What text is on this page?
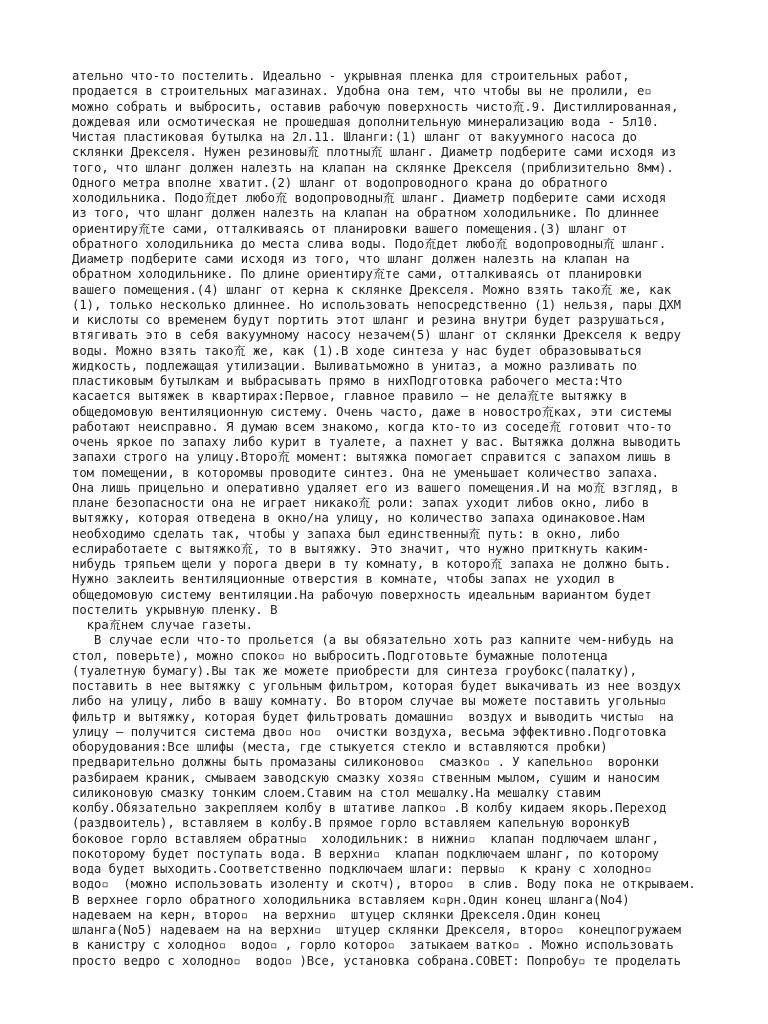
ательно что-то постелить. Идеально - укрывная пленка для строительных работ,
продается в строительных магазинах. Удобна она тем, что чтобы вы не пролили, е▫
можно собрать и выбросить, оставив рабочую поверхность чисто㐬.9. Дистиллированная,
дождевая или осмотическая не прошедшая дополнительную минерализацию вода - 5л10.
Чистая пластиковая бутылка на 2л.11. Шланги:(1) шланг от вакуумного насоса до
склянки Дрекселя. Нужен резиновы㐬 плотны㐬 шланг. Диаметр подберите сами исходя из
того, что шланг должен налезть на клапан на склянке Дрекселя (приблизительно 8мм).
Одного метра вполне хватит.(2) шланг от водопроводного крана до обратного
холодильника. Подо㐬дет любо㐬 водопроводны㐬 шланг. Диаметр подберите сами исходя
из того, что шланг должен налезть на клапан на обратном холодильнике. По длиннее
ориентиру㐬те сами, отталкиваясь от планировки вашего помещения.(3) шланг от
обратного холодильника до места слива воды. Подо㐬дет любо㐬 водопроводны㐬 шланг.
Диаметр подберите сами исходя из того, что шланг должен налезть на клапан на
обратном холодильнике. По длине ориентиру㐬те сами, отталкиваясь от планировки
вашего помещения.(4) шланг от керна к склянке Дрекселя. Можно взять тако㐬 же, как
(1), только несколько длиннее. Но использовать непосредственно (1) нельзя, пары ДХМ
и кислоты со временем будут портить этот шланг и резина внутри будет разрушаться,
втягивать это в себя вакуумному насосу незачем(5) шланг от склянки Дрекселя к ведру
воды. Можно взять тако㐬 же, как (1).В ходе синтеза у нас будет образовываться
жидкость, подлежащая утилизации. Выливатьможно в унитаз, а можно разливать по
пластиковым бутылкам и выбрасывать прямо в нихПодготовка рабочего места:Что
касается вытяжек в квартирах:Первое, главное правило – не дела㐬те вытяжку в
общедомовую вентиляционную систему. Очень часто, даже в новостро㐬ках, эти системы
работают неисправно. Я думаю всем знакомо, когда кто-то из соседе㐬 готовит что-то
очень яркое по запаху либо курит в туалете, а пахнет у вас. Вытяжка должна выводить
запахи строго на улицу.Второ㐬 момент: вытяжка помогает справится с запахом лишь в
том помещении, в которомвы проводите синтез. Она не уменьшает количество запаха.
Она лишь прицельно и оперативно удаляет его из вашего помещения.И на мо㐬 взгляд, в
плане безопасности она не играет никако㐬 роли: запах уходит либов окно, либо в
вытяжку, которая отведена в окно/на улицу, но количество запаха одинаковое.Нам
необходимо сделать так, чтобы у запаха был единственны㐬 путь: в окно, либо
еслирaботаете с вытяжко㐬, то в вытяжку. Это значит, что нужно приткнуть каким-
нибудь тряпьем щели у порога двери в ту комнату, в которо㐬 запаха не должно быть.
Нужно заклеить вентиляционные отверстия в комнате, чтобы запах не уходил в
общедомовую систему вентиляции.На рабочую поверхность идеальным вариантом будет
постелить укрывную пленку. В
кра㐬нем случае газеты.
В случае если что-то прольется (а вы обязательно хоть раз капните чем-нибудь на
стол, поверьте), можно споко▫ но выбросить.Подготовьте бумажные полотенца
(туалетную бумагу).Вы так же можете приобрести для синтеза гроубокс(палатку),
поставить в нее вытяжку с угольным фильтром, которая будет выкачивать из нее воздух
либо на улицу, либо в вашу комнату. Во втором случае вы можете поставить угольны▫
фильтр и вытяжку, которая будет фильтровать домашни▫  воздух и выводить чисты▫  на
улицу – получится система дво▫ но▫  очистки воздуха, весьма эффективно.Подготовка
оборудования:Все шлифы (места, где стыкуется стекло и вставляются пробки)
предварительно должны быть промазаны силиконово▫  смазко▫ . У капельно▫  воронки
разбираем краник, смываем заводскую смазку хозя▫ ственным мылом, сушим и наносим
силиконовую смазку тонким слоем.Ставим на стол мешалку.На мешалку ставим
колбу.Обязательно закрепляем колбу в штативе лапко▫ .В колбу кидаем якорь.Переход
(раздвоитель), вставляем в колбу.В прямое горло вставляем капельную воронкуВ
боковое горло вставляем обратны▫  холодильник: в нижни▫  клапан подлючаем шланг,
покоторому будет поступать вода. В верхни▫  клапан подключаем шланг, по которому
вода будет выходить.Соответственно подключаем шлаги: первы▫  к крану с холодно▫
водо▫  (можно использовать изоленту и скотч), второ▫  в слив. Воду пока не открываем.
В верхнее горло обратного холодильника вставляем к▫рн.Один конец шланга(No4)
надеваем на керн, второ▫  на верхни▫  штуцер склянки Дрекселя.Один конец
шланга(No5) надеваем на на верхни▫  штуцер склянки Дрекселя, второ▫  конецпогружаем
в канистру с холодно▫  водо▫ , горло которо▫  затыкаем ватко▫ . Можно использовать
просто ведро с холодно▫  водо▫ )Все, установка собрана.СОВЕТ: Попробу▫ те проделать
